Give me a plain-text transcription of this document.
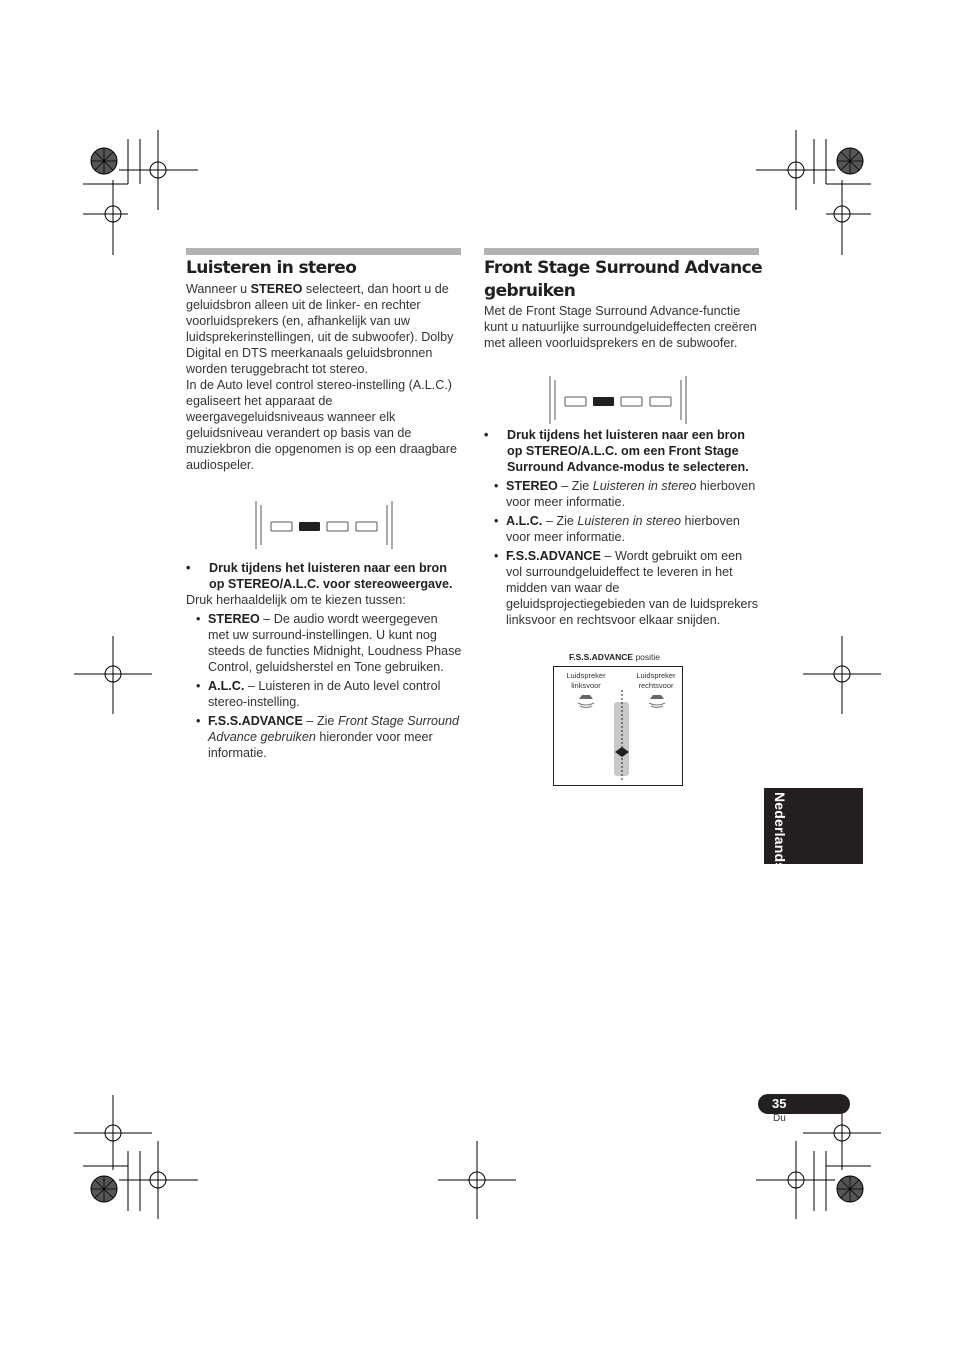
Luisteren in stereo

Wanneer u STEREO selecteert, dan hoort u de geluidsbron alleen uit de linker- en rechter voorluidsprekers (en, afhankelijk van uw luidsprekerinstellingen, uit de subwoofer). Dolby Digital en DTS meerkanaals geluidsbronnen worden teruggebracht tot stereo.

In de Auto level control stereo-instelling (A.L.C.) egaliseert het apparaat de weergavegeluidsniveaus wanneer elk geluidsniveau verandert op basis van de muziekbron die opgenomen is op een draagbare audiospeler.

•	Druk tijdens het luisteren naar een bron op STEREO/A.L.C. voor stereoweergave.

Druk herhaaldelijk om te kiezen tussen:

• STEREO – De audio wordt weergegeven met uw surround-instellingen. U kunt nog steeds de functies Midnight, Loudness Phase Control, geluidsherstel en Tone gebruiken.
• A.L.C. – Luisteren in de Auto level control stereo-instelling.
• F.S.S.ADVANCE – Zie Front Stage Surround Advance gebruiken hieronder voor meer informatie.
Front Stage Surround Advance
gebruiken
Met de Front Stage Surround Advance-functie kunt u natuurlijke surroundgeluideffecten creëren met alleen voorluidsprekers en de subwoofer.
•	Druk tijdens het luisteren naar een bron op STEREO/A.L.C. om een Front Stage Surround Advance-modus te selecteren.
• STEREO – Zie Luisteren in stereo hierboven voor meer informatie.
• A.L.C. – Zie Luisteren in stereo hierboven voor meer informatie.
• F.S.S.ADVANCE – Wordt gebruikt om een vol surroundgeluideffect te leveren in het midden van waar de geluidsprojectiegebieden van de luidsprekers linksvoor en rechtsvoor elkaar snijden.
F.S.S.ADVANCE positie
Luidspreker
linksvoor
Luidspreker
rechtsvoor
Nederlands
35
Du
